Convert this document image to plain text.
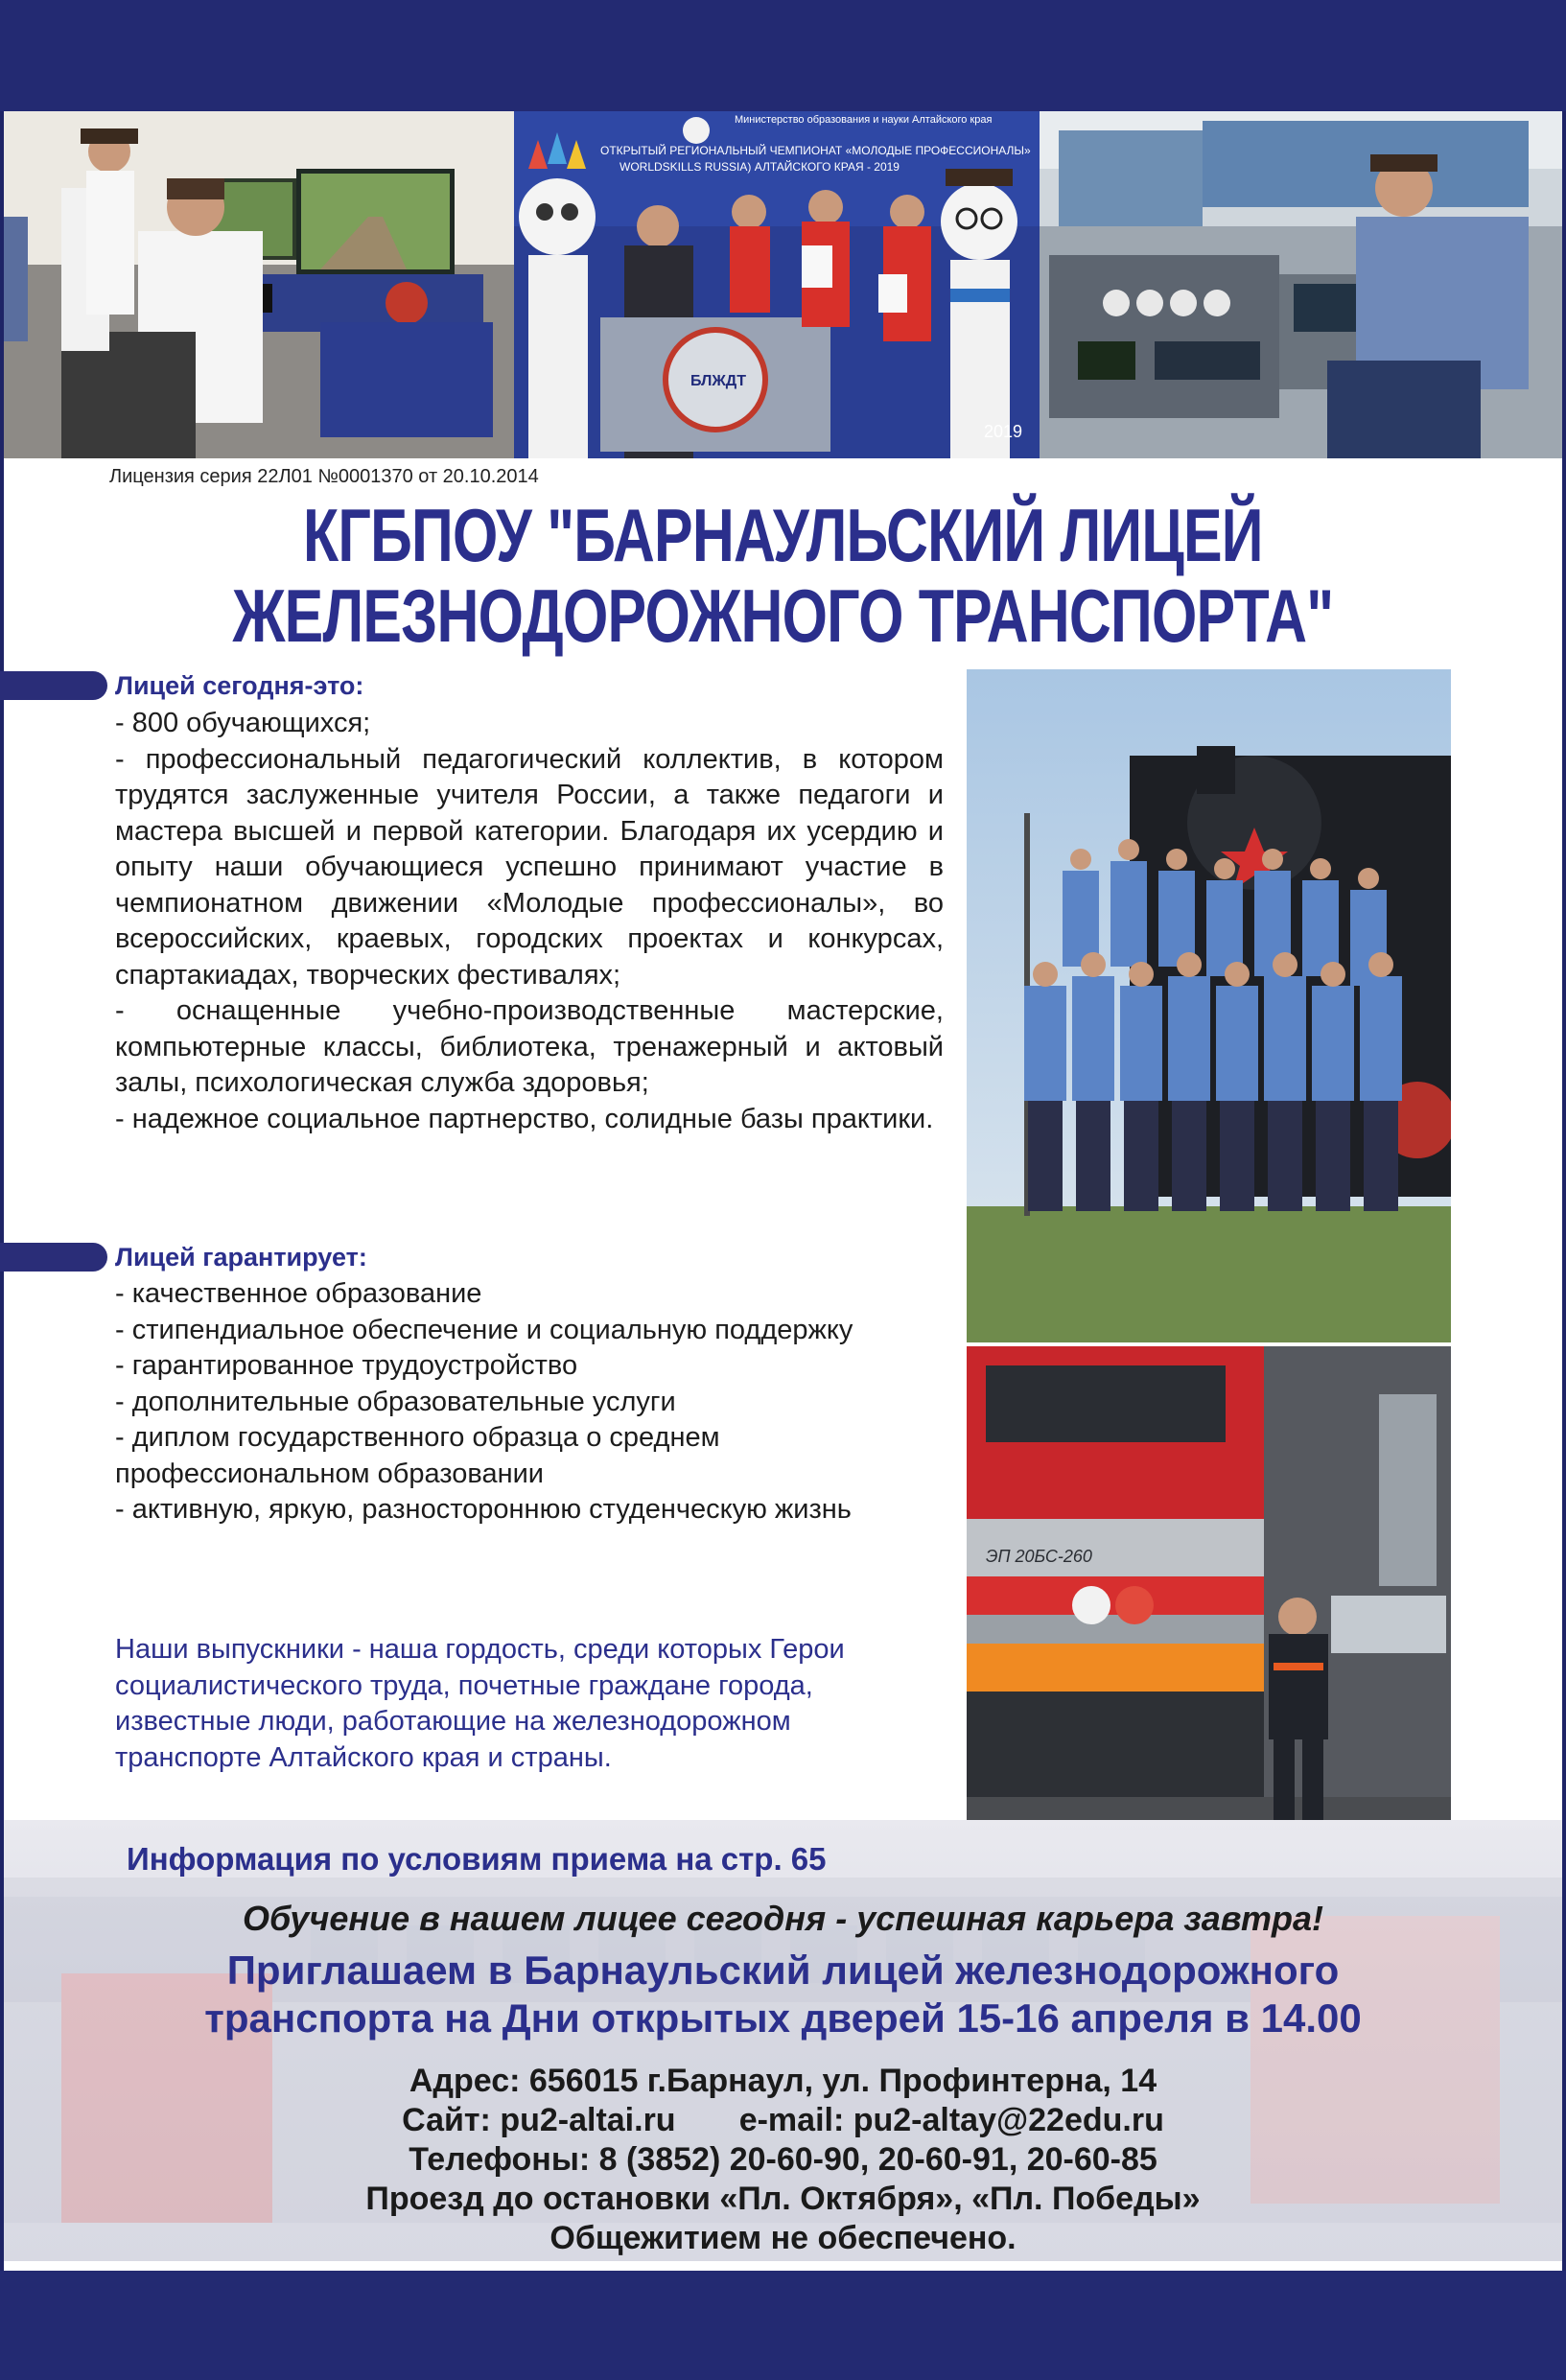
Министерство образования и науки Алтайского края
ОТКРЫТЫЙ РЕГИОНАЛЬНЫЙ ЧЕМПИОНАТ «МОЛОДЫЕ ПРОФЕССИОНАЛЫ»
WORLDSKILLS RUSSIA) АЛТАЙСКОГО КРАЯ - 2019
БЛЖДТ
2019
Лицензия серия 22Л01 №0001370 от 20.10.2014
КГБПОУ "БАРНАУЛЬСКИЙ ЛИЦЕЙ
ЖЕЛЕЗНОДОРОЖНОГО ТРАНСПОРТА"
Лицей сегодня-это:

- 800 обучающихся;

- профессиональный педагогический коллектив, в котором трудятся заслуженные учителя России, а также педагоги и мастера высшей и первой категории. Благодаря их усердию и опыту наши обучающиеся успешно принимают участие в чемпионатном движении «Молодые профессионалы», во всероссийских, краевых, городских проектах и конкурсах, спартакиадах, творческих фестивалях;

- оснащенные учебно-производственные мастерские, компьютерные классы, библиотека, тренажерный и актовый залы, психологическая служба здоровья;

- надежное социальное партнерство, солидные базы практики.

Лицей гарантирует:

- качественное образование

- стипендиальное обеспечение и социальную поддержку

- гарантированное трудоустройство

- дополнительные образовательные услуги

- диплом государственного образца о среднем профессиональном образовании

- активную, яркую, разностороннюю студенческую жизнь

ЭП 20БС-260

Наши выпускники - наша гордость, среди которых Герои социалистического труда, почетные граждане города, известные люди, работающие на железнодорожном транспорте Алтайского края и страны.

Информация по условиям приема на стр. 65
Обучение в нашем лицее сегодня - успешная карьера завтра!
Приглашаем в Барнаульский лицей железнодорожного
транспорта на Дни открытых дверей 15-16 апреля в 14.00
Адрес: 656015 г.Барнаул, ул. Профинтерна, 14
Сайт: pu2-altai.ru       e-mail: pu2-altay@22edu.ru
Телефоны: 8 (3852) 20-60-90, 20-60-91, 20-60-85
Проезд до остановки «Пл. Октября», «Пл. Победы»
Общежитием не обеспечено.
